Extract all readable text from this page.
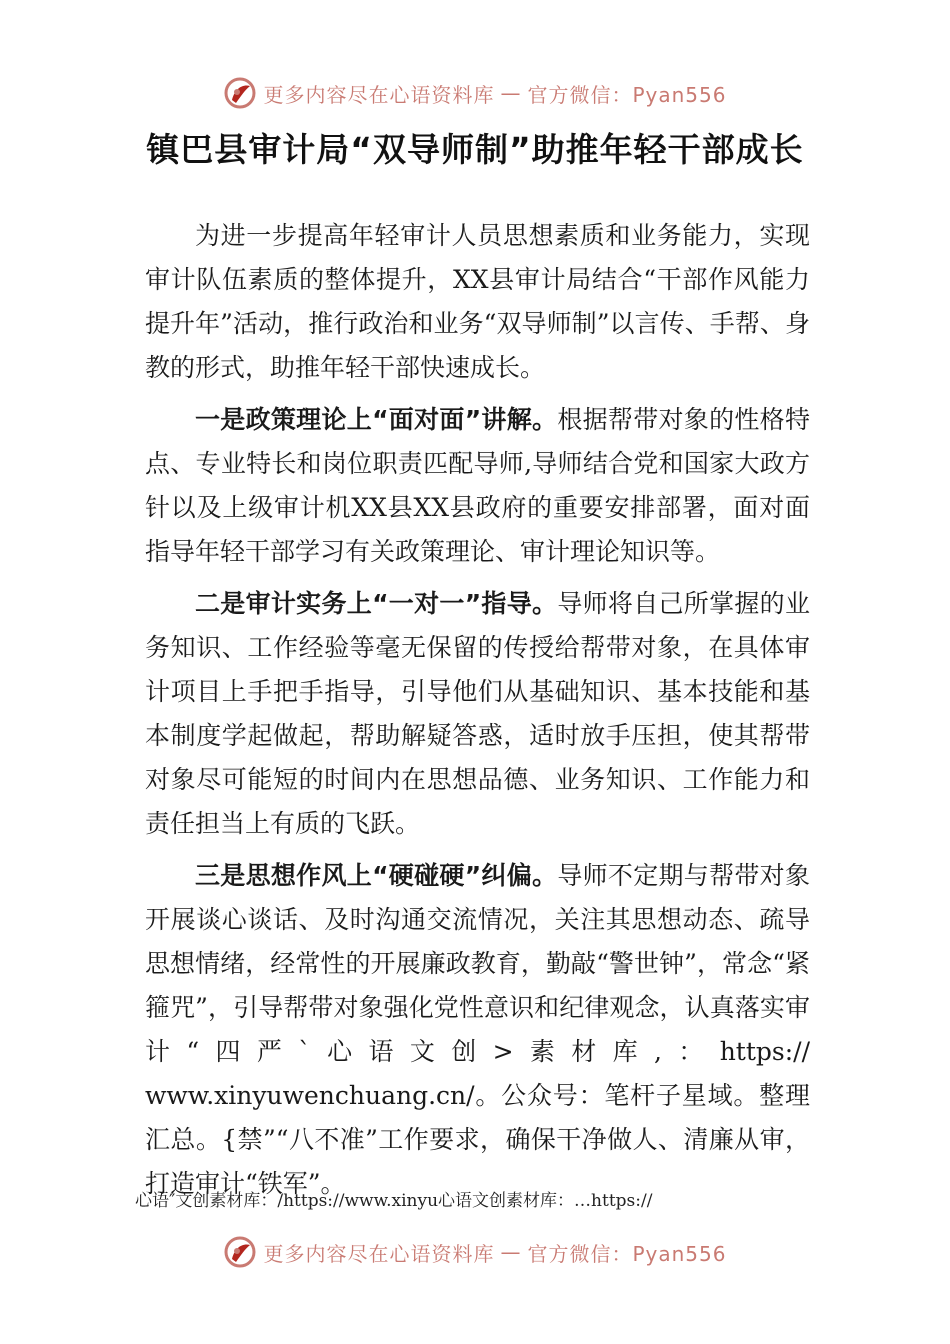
更多内容尽在心语资料库 — 官方微信：Pyan556
镇巴县审计局“双导师制”助推年轻干部成长

为进一步提高年轻审计人员思想素质和业务能力，实现审计队伍素质的整体提升，XX县审计局结合“干部作风能力提升年”活动，推行政治和业务“双导师制”以言传、手帮、身教的形式，助推年轻干部快速成长。

一是政策理论上“面对面”讲解。根据帮带对象的性格特点、专业特长和岗位职责匹配导师,导师结合党和国家大政方针以及上级审计机XX县XX县政府的重要安排部署，面对面指导年轻干部学习有关政策理论、审计理论知识等。

二是审计实务上“一对一”指导。导师将自己所掌握的业务知识、工作经验等毫无保留的传授给帮带对象，在具体审计项目上手把手指导，引导他们从基础知识、基本技能和基本制度学起做起，帮助解疑答惑，适时放手压担，使其帮带对象尽可能短的时间内在思想品德、业务知识、工作能力和责任担当上有质的飞跃。

三是思想作风上“硬碰硬”纠偏。导师不定期与帮带对象开展谈心谈话、及时沟通交流情况，关注其思想动态、疏导思想情绪，经常性的开展廉政教育，勤敲“警世钟”，常念“紧箍咒”，引导帮带对象强化党性意识和纪律观念，认真落实审计“四严`心语文创>素材库,：https:// www.xinyuwenchuang.cn/。公众号：笔杆子星域。整理汇总。{禁”“八不准”工作要求，确保干净做人、清廉从审，打造审计“铁军”。

心语″文创素材库：/https://www.xinyu心语文创素材库：…https://
更多内容尽在心语资料库 — 官方微信：Pyan556
